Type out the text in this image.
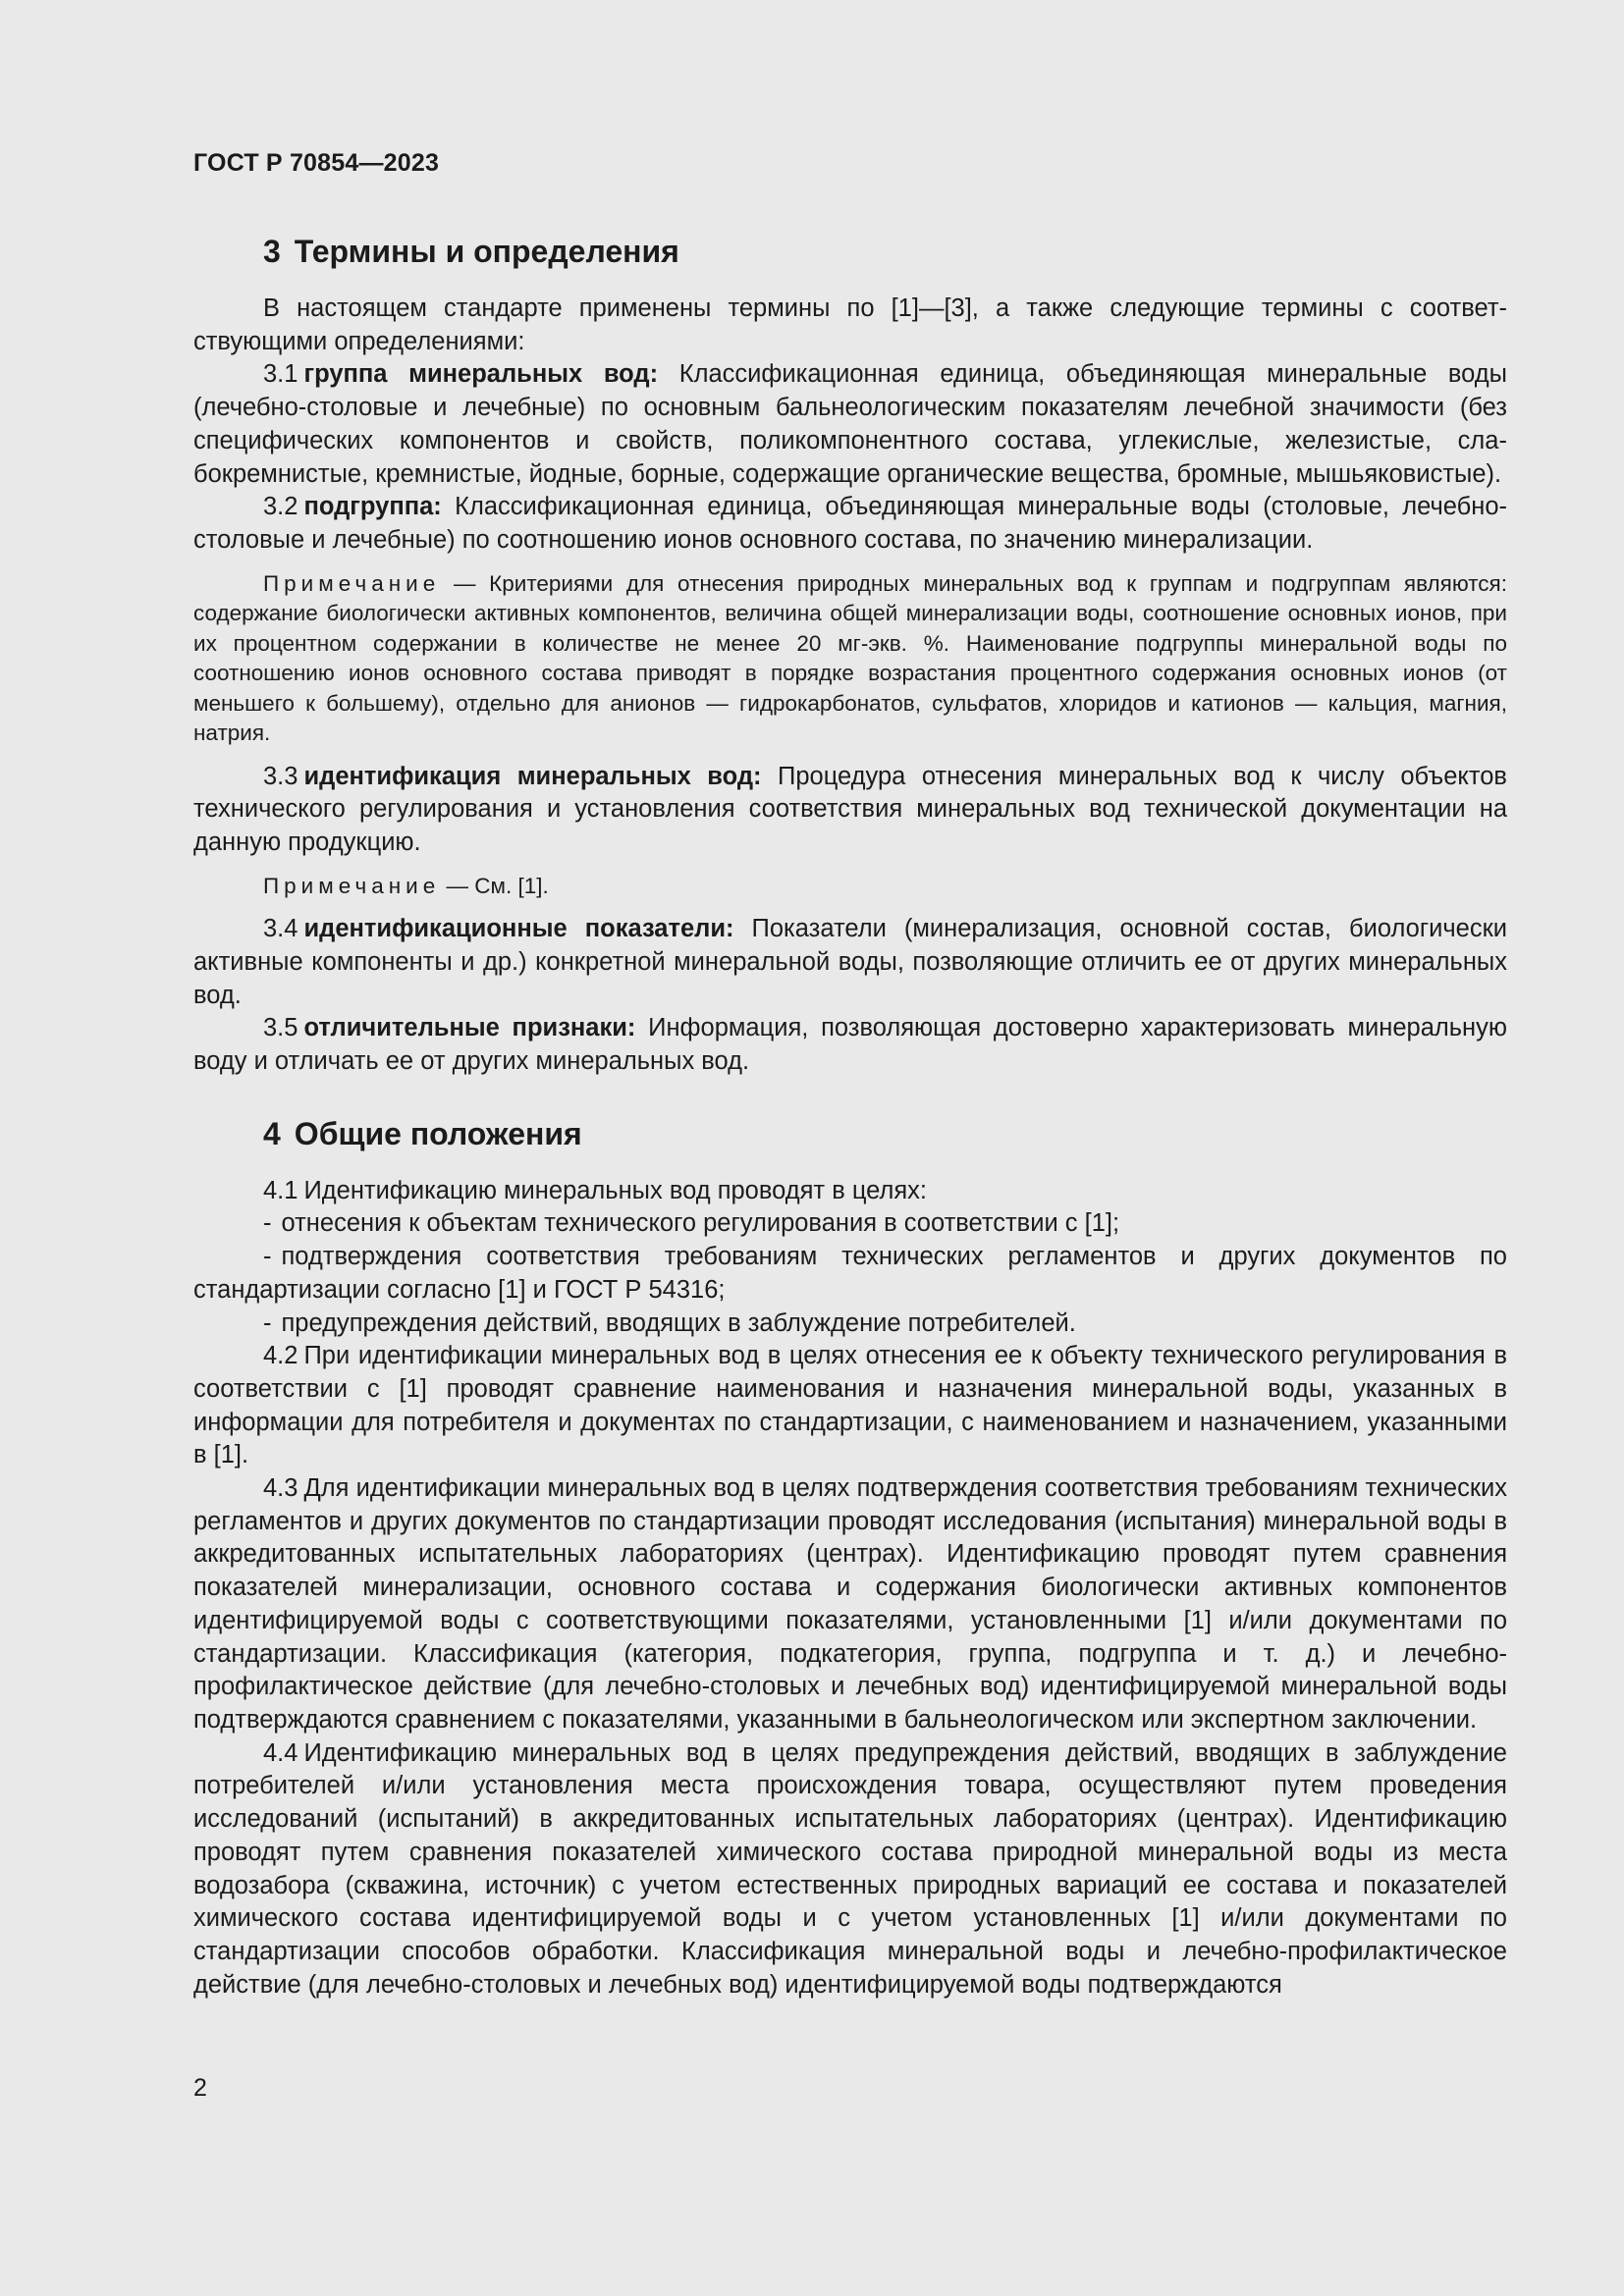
ГОСТ Р 70854—2023
3 Термины и определения

В настоящем стандарте применены термины по [1]—[3], а также следующие термины с соответствующими определениями:

3.1 группа минеральных вод: Классификационная единица, объединяющая минеральные воды (лечебно-столовые и лечебные) по основным бальнеологическим показателям лечебной значимости (без специфических компонентов и свойств, поликомпонентного состава, углекислые, железистые, слабокремнистые, кремнистые, йодные, борные, содержащие органические вещества, бромные, мышьяковистые).

3.2 подгруппа: Классификационная единица, объединяющая минеральные воды (столовые, лечебно-столовые и лечебные) по соотношению ионов основного состава, по значению минерализации.

Примечание — Критериями для отнесения природных минеральных вод к группам и подгруппам являются: содержание биологически активных компонентов, величина общей минерализации воды, соотношение основных ионов, при их процентном содержании в количестве не менее 20 мг-экв. %. Наименование подгруппы минеральной воды по соотношению ионов основного состава приводят в порядке возрастания процентного содержания основных ионов (от меньшего к большему), отдельно для анионов — гидрокарбонатов, сульфатов, хлоридов и катионов — кальция, магния, натрия.

3.3 идентификация минеральных вод: Процедура отнесения минеральных вод к числу объектов технического регулирования и установления соответствия минеральных вод технической документации на данную продукцию.

Примечание — См. [1].

3.4 идентификационные показатели: Показатели (минерализация, основной состав, биологически активные компоненты и др.) конкретной минеральной воды, позволяющие отличить ее от других минеральных вод.

3.5 отличительные признаки: Информация, позволяющая достоверно характеризовать минеральную воду и отличать ее от других минеральных вод.

4 Общие положения

4.1 Идентификацию минеральных вод проводят в целях:

- отнесения к объектам технического регулирования в соответствии с [1];

- подтверждения соответствия требованиям технических регламентов и других документов по стандартизации согласно [1] и ГОСТ Р 54316;

- предупреждения действий, вводящих в заблуждение потребителей.

4.2 При идентификации минеральных вод в целях отнесения ее к объекту технического регулирования в соответствии с [1] проводят сравнение наименования и назначения минеральной воды, указанных в информации для потребителя и документах по стандартизации, с наименованием и назначением, указанными в [1].

4.3 Для идентификации минеральных вод в целях подтверждения соответствия требованиям технических регламентов и других документов по стандартизации проводят исследования (испытания) минеральной воды в аккредитованных испытательных лабораториях (центрах). Идентификацию проводят путем сравнения показателей минерализации, основного состава и содержания биологически активных компонентов идентифицируемой воды с соответствующими показателями, установленными [1] и/или документами по стандартизации. Классификация (категория, подкатегория, группа, подгруппа и т. д.) и лечебно-профилактическое действие (для лечебно-столовых и лечебных вод) идентифицируемой минеральной воды подтверждаются сравнением с показателями, указанными в бальнеологическом или экспертном заключении.

4.4 Идентификацию минеральных вод в целях предупреждения действий, вводящих в заблуждение потребителей и/или установления места происхождения товара, осуществляют путем проведения исследований (испытаний) в аккредитованных испытательных лабораториях (центрах). Идентификацию проводят путем сравнения показателей химического состава природной минеральной воды из места водозабора (скважина, источник) с учетом естественных природных вариаций ее состава и показателей химического состава идентифицируемой воды и с учетом установленных [1] и/или документами по стандартизации способов обработки. Классификация минеральной воды и лечебно-профилактическое действие (для лечебно-столовых и лечебных вод) идентифицируемой воды подтверждаются

2
